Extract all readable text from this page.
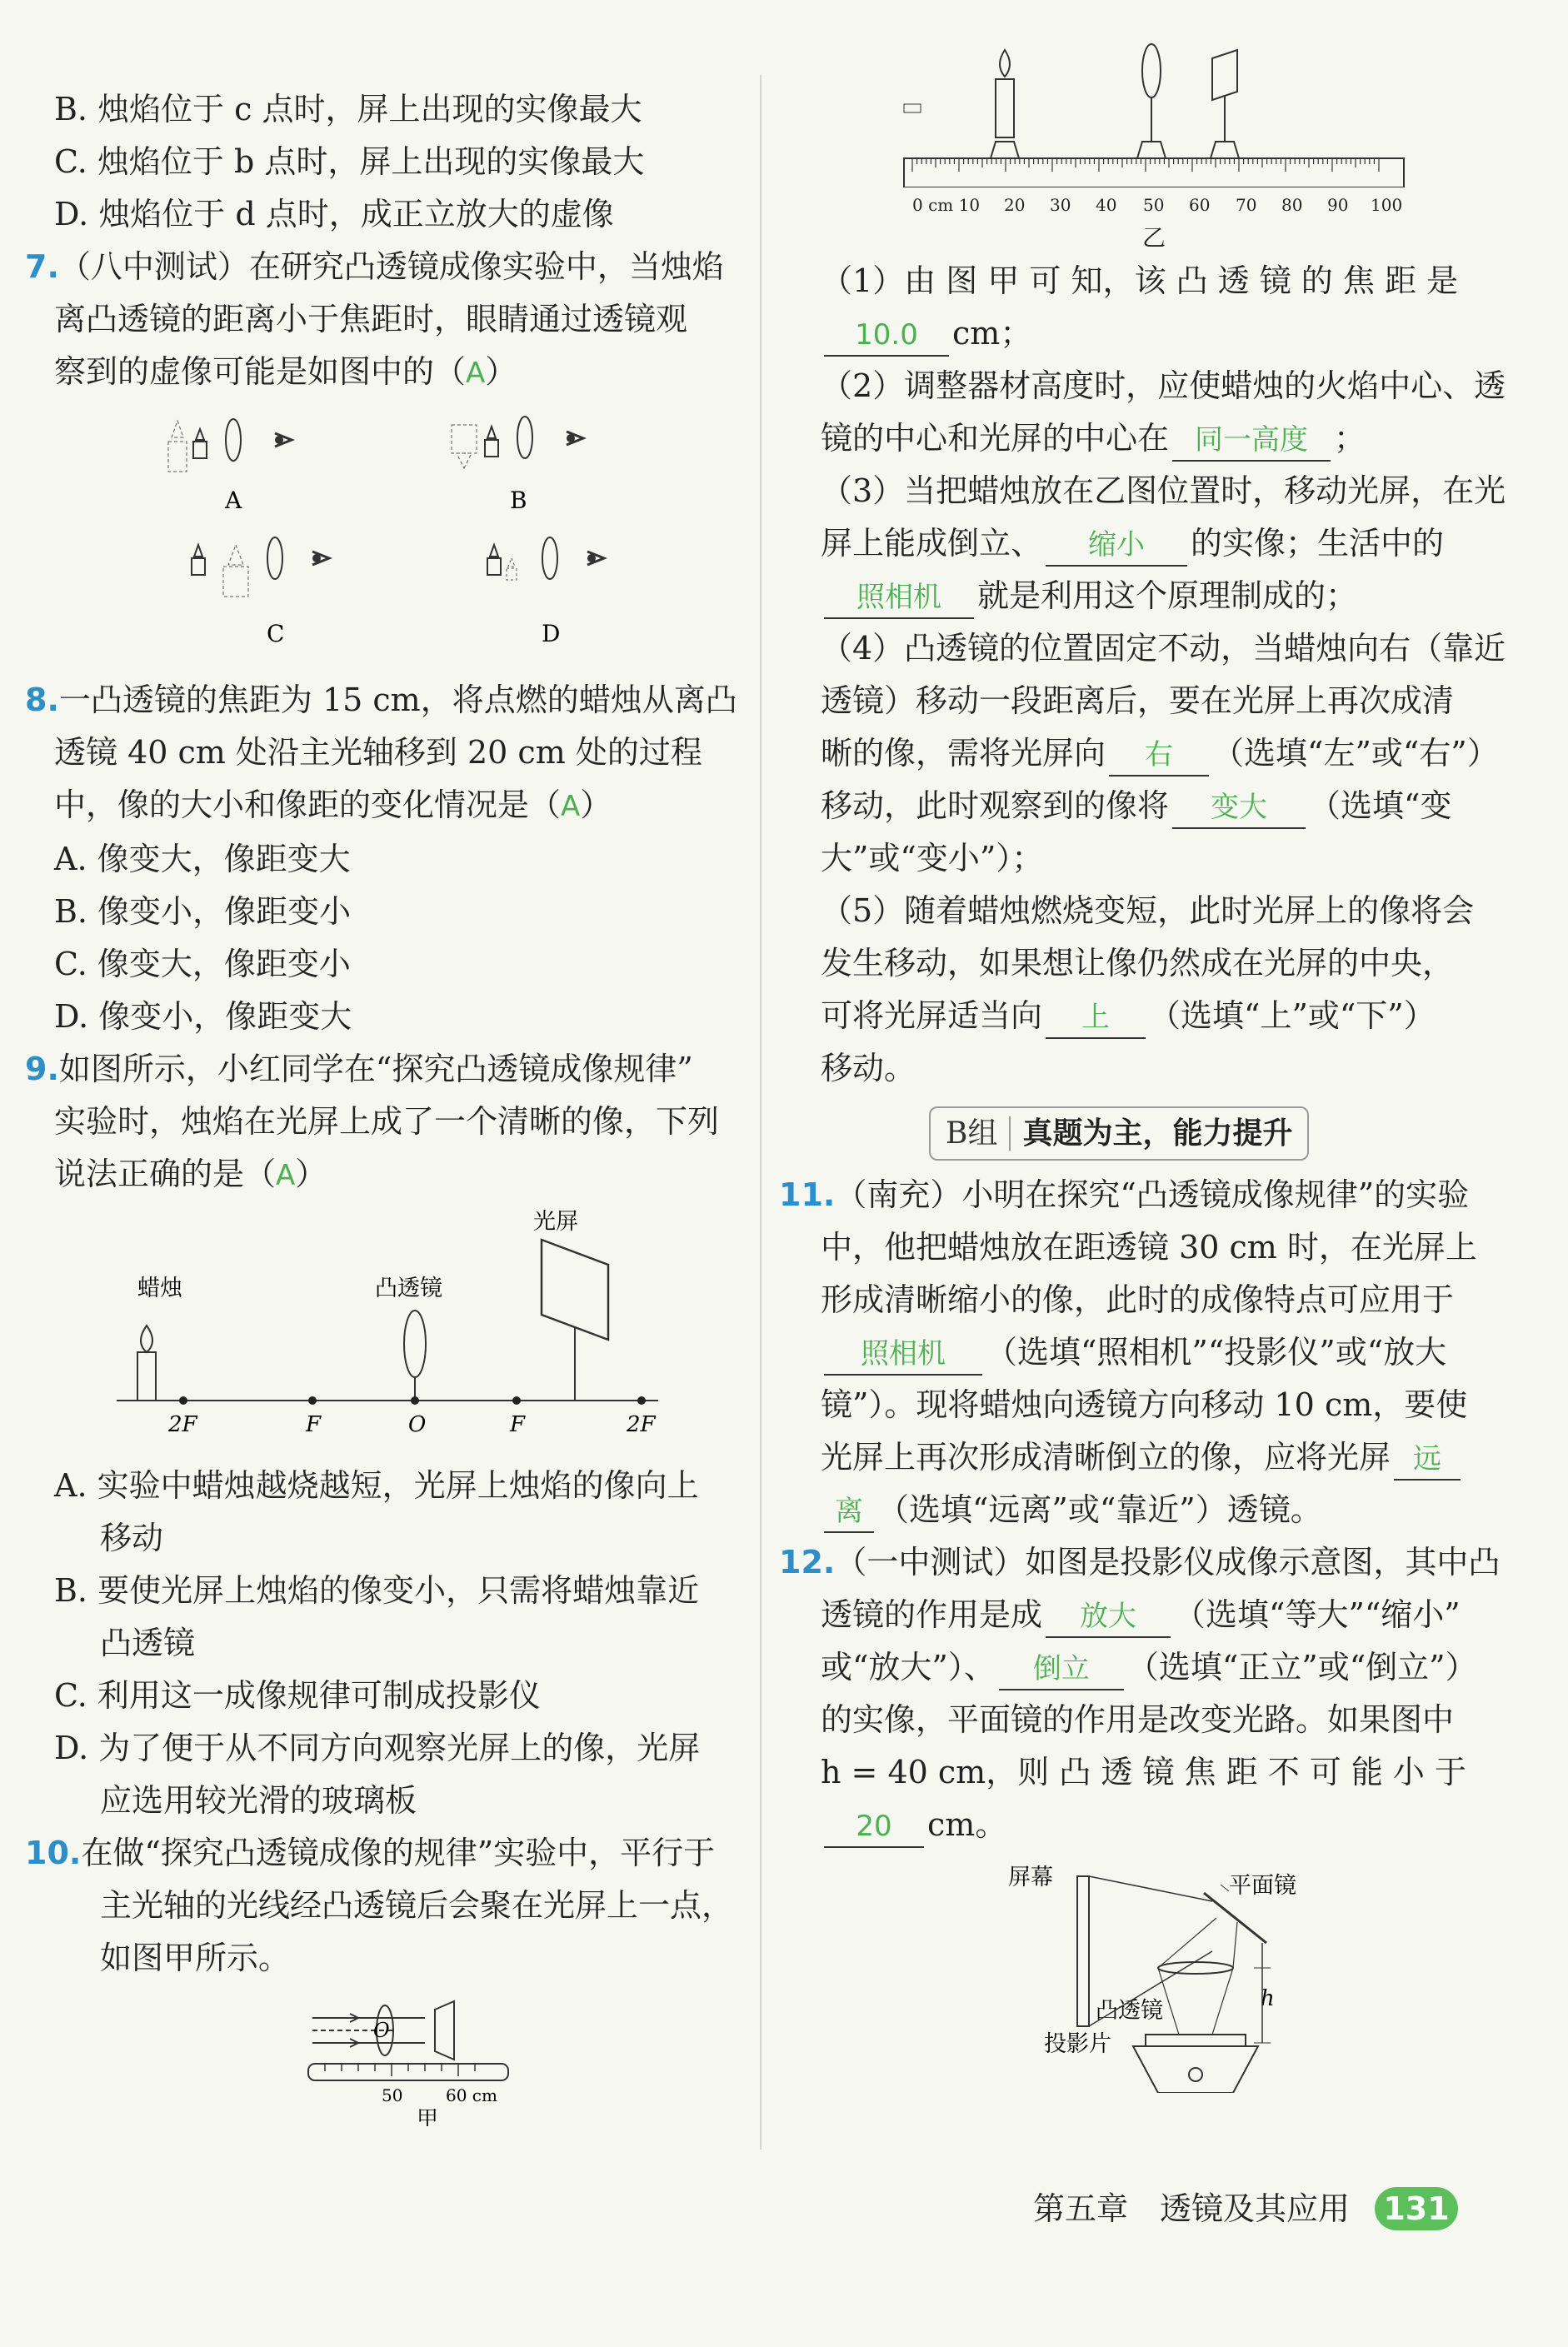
B. 烛焰位于 c 点时，屏上出现的实像最大
C. 烛焰位于 b 点时，屏上出现的实像最大
D. 烛焰位于 d 点时，成正立放大的虚像
7.（八中测试）在研究凸透镜成像实验中，当烛焰
离凸透镜的距离小于焦距时，眼睛通过透镜观
察到的虚像可能是如图中的（A）
A	B
C	D
8.一凸透镜的焦距为 15 cm，将点燃的蜡烛从离凸
透镜 40 cm 处沿主光轴移到 20 cm 处的过程
中，像的大小和像距的变化情况是（A）
A. 像变大，像距变大
B. 像变小，像距变小
C. 像变大，像距变小
D. 像变小，像距变大
9.如图所示，小红同学在“探究凸透镜成像规律”
实验时，烛焰在光屏上成了一个清晰的像，下列
说法正确的是（A）
光屏
蜡烛	凸透镜
2F	F	O	F	2F
A. 实验中蜡烛越烧越短，光屏上烛焰的像向上
移动
B. 要使光屏上烛焰的像变小，只需将蜡烛靠近
凸透镜
C. 利用这一成像规律可制成投影仪
D. 为了便于从不同方向观察光屏上的像，光屏
应选用较光滑的玻璃板
10.在做“探究凸透镜成像的规律”实验中，平行于
主光轴的光线经凸透镜后会聚在光屏上一点，
如图甲所示。
O
50	60 cm
甲
0 cm 10 20 30 40 50 60 70 80 90 100
乙
（1）由 图 甲 可 知，该 凸 透 镜 的 焦 距 是
10.0 cm；
（2）调整器材高度时，应使蜡烛的火焰中心、透
镜的中心和光屏的中心在 同一高度 ；
（3）当把蜡烛放在乙图位置时，移动光屏，在光
屏上能成倒立、 缩小 的实像；生活中的
照相机 就是利用这个原理制成的；
（4）凸透镜的位置固定不动，当蜡烛向右（靠近
透镜）移动一段距离后，要在光屏上再次成清
晰的像，需将光屏向 右 （选填“左”或“右”）
移动，此时观察到的像将 变大 （选填“变
大”或“变小”）；
（5）随着蜡烛燃烧变短，此时光屏上的像将会
发生移动，如果想让像仍然成在光屏的中央，
可将光屏适当向 上 （选填“上”或“下”）
移动。
B组 真题为主，能力提升
11.（南充）小明在探究“凸透镜成像规律”的实验
中，他把蜡烛放在距透镜 30 cm 时，在光屏上
形成清晰缩小的像，此时的成像特点可应用于
照相机 （选填“照相机”“投影仪”或“放大
镜”）。现将蜡烛向透镜方向移动 10 cm，要使
光屏上再次形成清晰倒立的像，应将光屏 远
离 （选填“远离”或“靠近”）透镜。
12.（一中测试）如图是投影仪成像示意图，其中凸
透镜的作用是成 放大 （选填“等大”“缩小”
或“放大”）、 倒立 （选填“正立”或“倒立”）
的实像，平面镜的作用是改变光路。如果图中
h = 40 cm，则 凸 透 镜 焦 距 不 可 能 小 于
20 cm。
屏幕	平面镜
凸透镜
投影片
h
第五章　透镜及其应用 131
